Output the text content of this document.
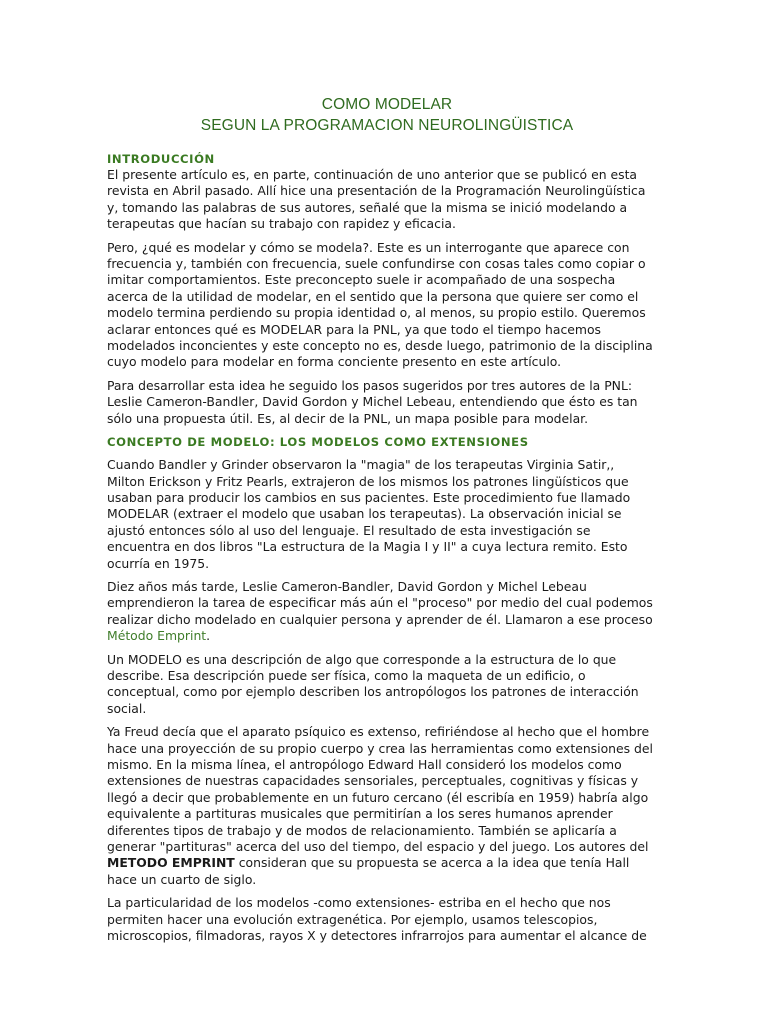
COMO MODELAR
SEGUN LA PROGRAMACION NEUROLINGÜISTICA
INTRODUCCIÓN

El presente artículo es, en parte, continuación de uno anterior que se publicó en esta
revista en Abril pasado. Allí hice una presentación de la Programación Neurolingüística
y, tomando las palabras de sus autores, señalé que la misma se inició modelando a
terapeutas que hacían su trabajo con rapidez y eficacia.

Pero, ¿qué es modelar y cómo se modela?. Este es un interrogante que aparece con
frecuencia y, también con frecuencia, suele confundirse con cosas tales como copiar o
imitar comportamientos. Este preconcepto suele ir acompañado de una sospecha
acerca de la utilidad de modelar, en el sentido que la persona que quiere ser como el
modelo termina perdiendo su propia identidad o, al menos, su propio estilo. Queremos
aclarar entonces qué es MODELAR para la PNL, ya que todo el tiempo hacemos
modelados inconcientes y este concepto no es, desde luego, patrimonio de la disciplina
cuyo modelo para modelar en forma conciente presento en este artículo.

Para desarrollar esta idea he seguido los pasos sugeridos por tres autores de la PNL:
Leslie Cameron-Bandler, David Gordon y Michel Lebeau, entendiendo que ésto es tan
sólo una propuesta útil. Es, al decir de la PNL, un mapa posible para modelar.

CONCEPTO DE MODELO: LOS MODELOS COMO EXTENSIONES

Cuando Bandler y Grinder observaron la "magia" de los terapeutas Virginia Satir,,
Milton Erickson y Fritz Pearls, extrajeron de los mismos los patrones lingüísticos que
usaban para producir los cambios en sus pacientes. Este procedimiento fue llamado
MODELAR (extraer el modelo que usaban los terapeutas). La observación inicial se
ajustó entonces sólo al uso del lenguaje. El resultado de esta investigación se
encuentra en dos libros "La estructura de la Magia I y II" a cuya lectura remito. Esto
ocurría en 1975.

Diez años más tarde, Leslie Cameron-Bandler, David Gordon y Michel Lebeau
emprendieron la tarea de especificar más aún el "proceso" por medio del cual podemos
realizar dicho modelado en cualquier persona y aprender de él. Llamaron a ese proceso
Método Emprint.

Un MODELO es una descripción de algo que corresponde a la estructura de lo que
describe. Esa descripción puede ser física, como la maqueta de un edificio, o
conceptual, como por ejemplo describen los antropólogos los patrones de interacción
social.

Ya Freud decía que el aparato psíquico es extenso, refiriéndose al hecho que el hombre
hace una proyección de su propio cuerpo y crea las herramientas como extensiones del
mismo. En la misma línea, el antropólogo Edward Hall consideró los modelos como
extensiones de nuestras capacidades sensoriales, perceptuales, cognitivas y físicas y
llegó a decir que probablemente en un futuro cercano (él escribía en 1959) habría algo
equivalente a partituras musicales que permitirían a los seres humanos aprender
diferentes tipos de trabajo y de modos de relacionamiento. También se aplicaría a
generar "partituras" acerca del uso del tiempo, del espacio y del juego. Los autores del
METODO EMPRINT consideran que su propuesta se acerca a la idea que tenía Hall
hace un cuarto de siglo.

La particularidad de los modelos -como extensiones- estriba en el hecho que nos
permiten hacer una evolución extragenética. Por ejemplo, usamos telescopios,
microscopios, filmadoras, rayos X y detectores infrarrojos para aumentar el alcance de
